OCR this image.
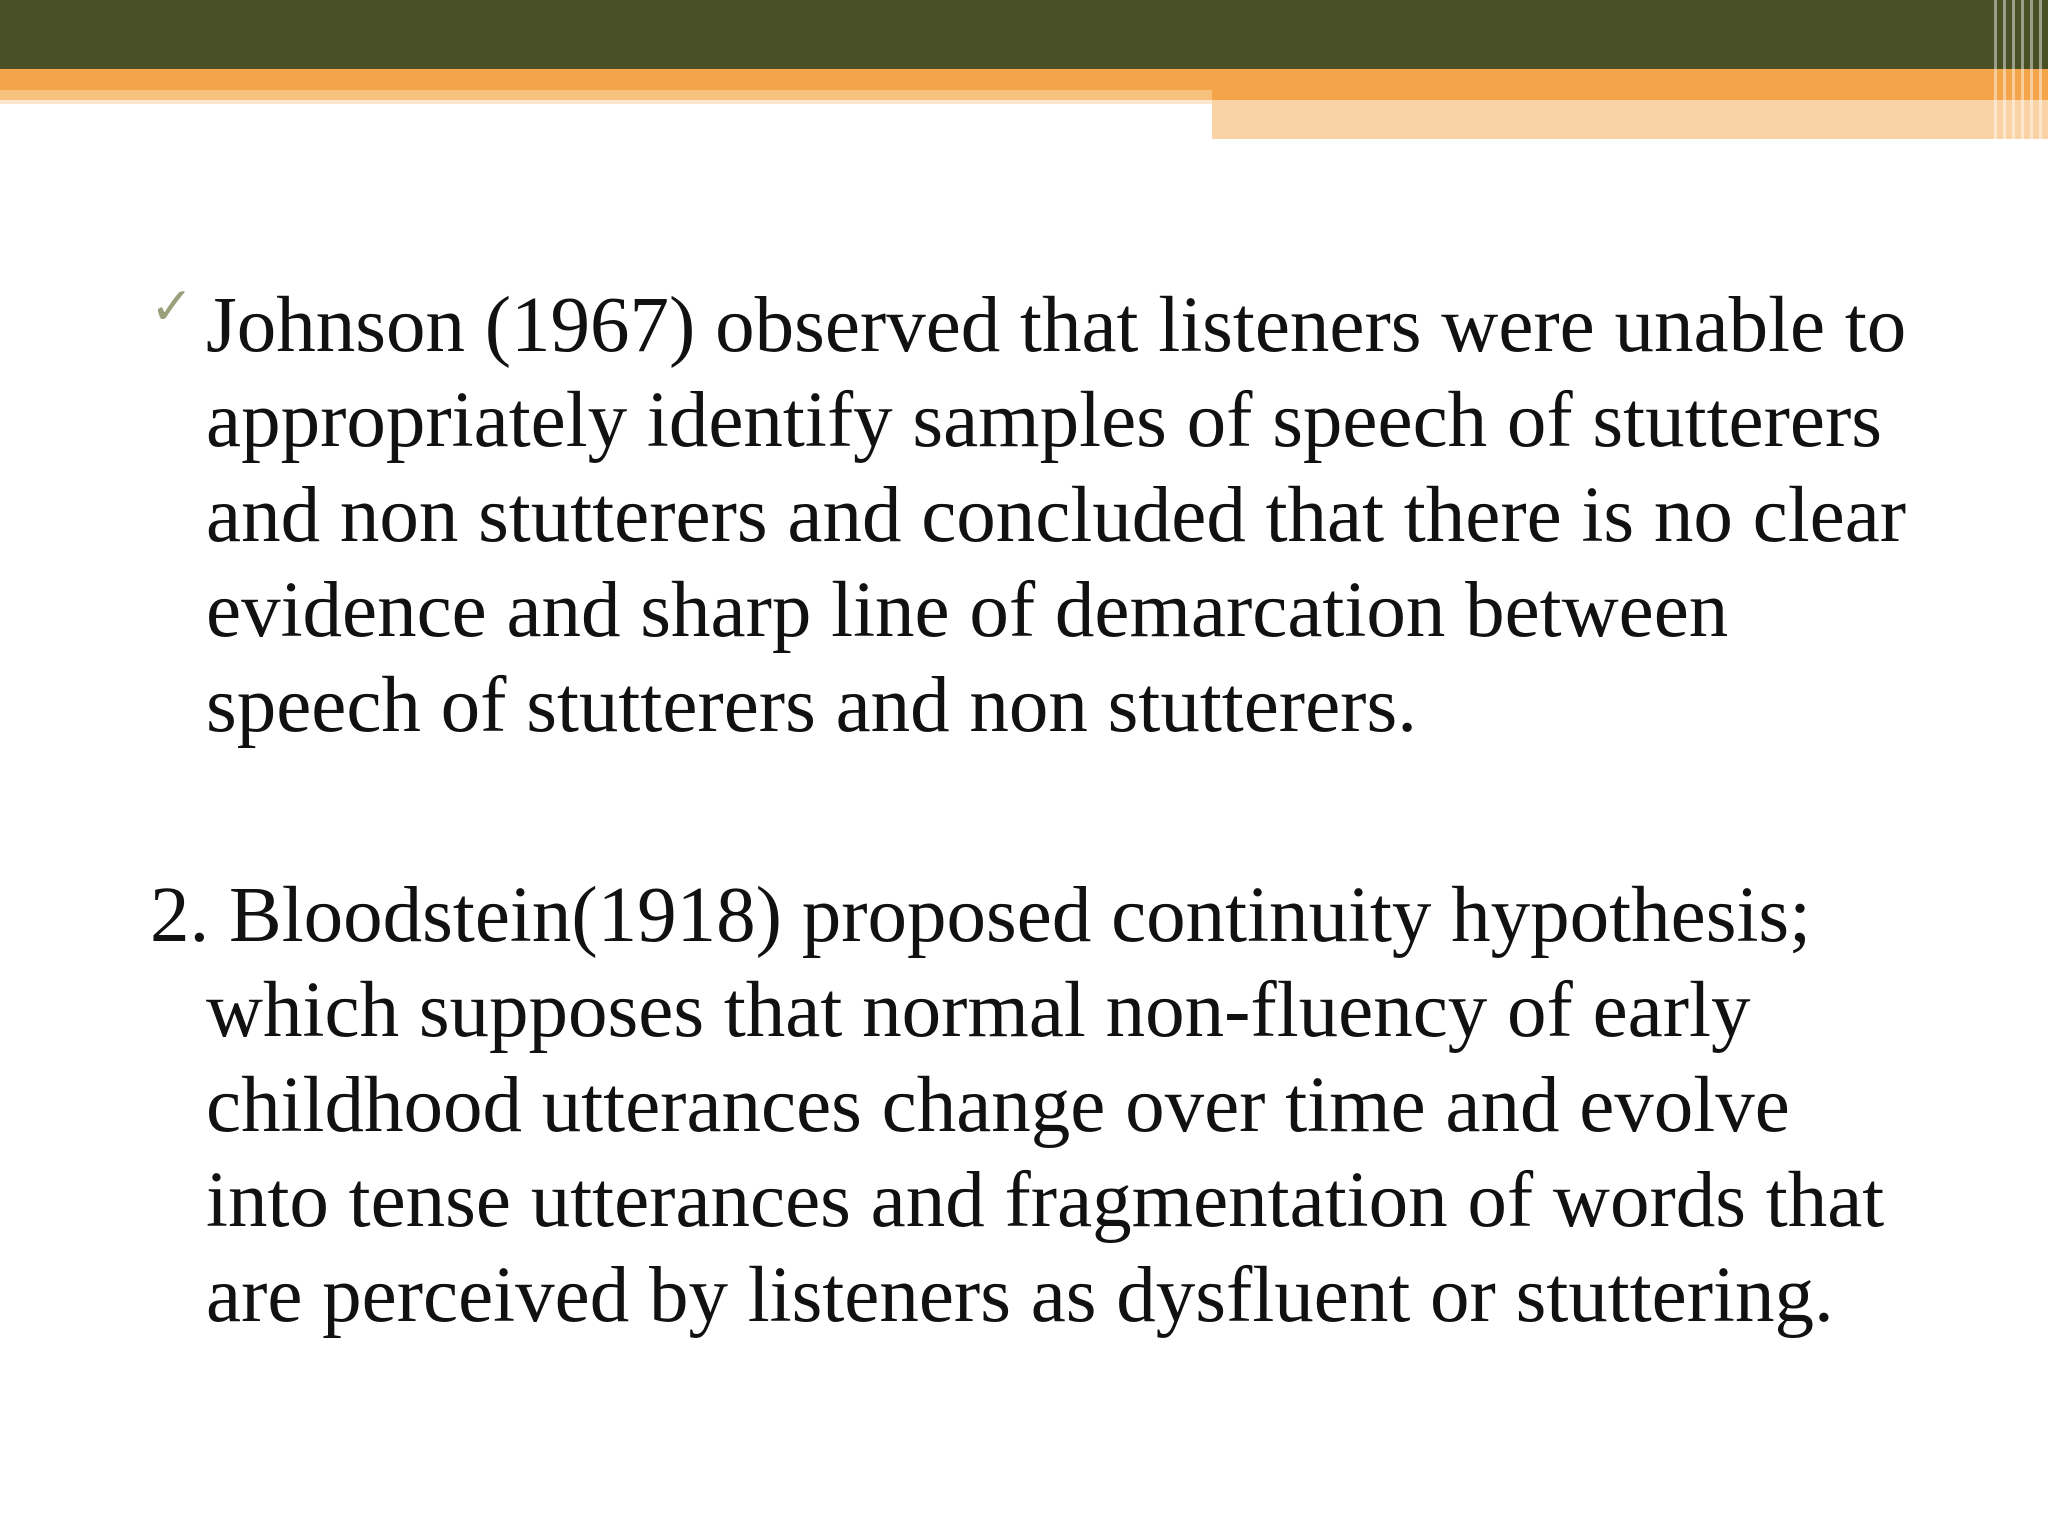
✓ Johnson (1967) observed that listeners were unable to appropriately identify samples of speech of stutterers and non stutterers and concluded that there is no clear evidence and sharp line of demarcation between speech of stutterers and non stutterers.

2. Bloodstein(1918) proposed continuity hypothesis; which supposes that normal non-fluency of early childhood utterances change over time and evolve into tense utterances and fragmentation of words that are perceived by listeners as dysfluent or stuttering.
